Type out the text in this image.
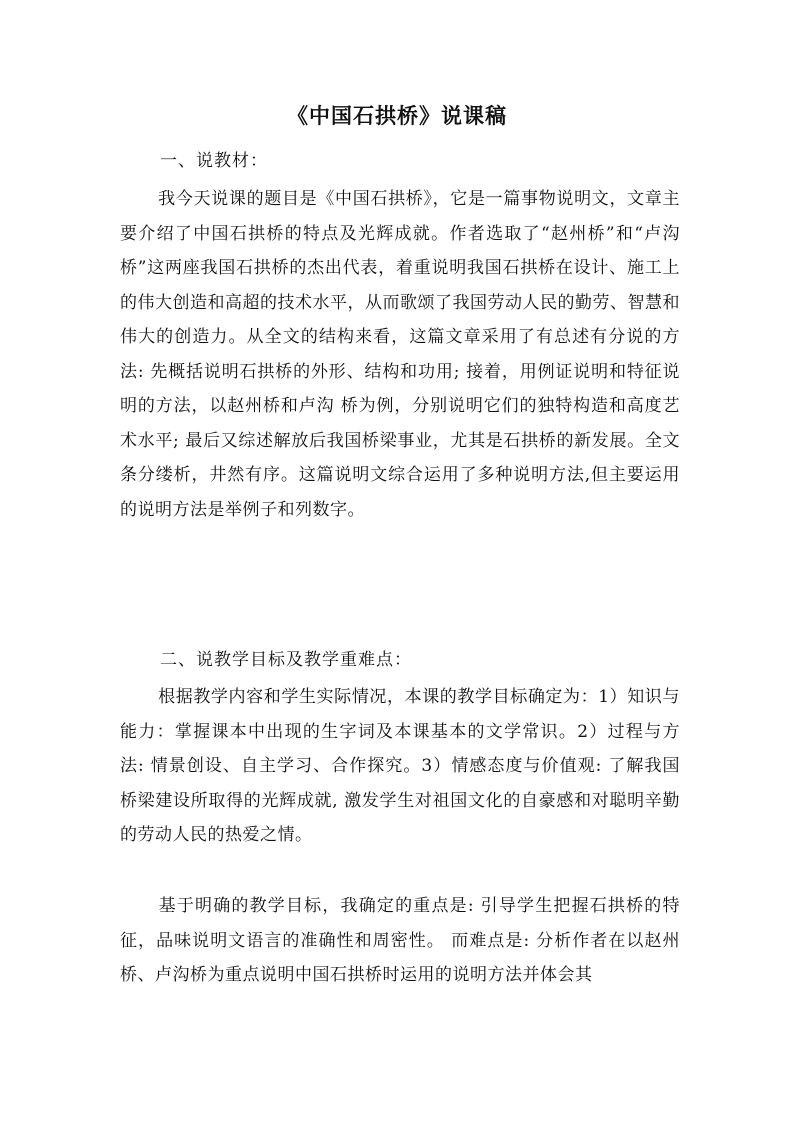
《中国石拱桥》说课稿
一、说教材：
我今天说课的题目是《中国石拱桥》，它是一篇事物说明文，文章主要介绍了中国石拱桥的特点及光辉成就。作者选取了“赵州桥”和“卢沟桥”这两座我国石拱桥的杰出代表，着重说明我国石拱桥在设计、施工上的伟大创造和高超的技术水平，从而歌颂了我国劳动人民的勤劳、智慧和伟大的创造力。从全文的结构来看，这篇文章采用了有总述有分说的方法: 先概括说明石拱桥的外形、结构和功用; 接着，用例证说明和特征说明的方法，以赵州桥和卢沟 桥为例，分别说明它们的独特构造和高度艺术水平; 最后又综述解放后我国桥梁事业，尤其是石拱桥的新发展。全文条分缕析，井然有序。这篇说明文综合运用了多种说明方法,但主要运用的说明方法是举例子和列数字。
二、说教学目标及教学重难点：
根据教学内容和学生实际情况，本课的教学目标确定为：1）知识与能力：掌握课本中出现的生字词及本课基本的文学常识。2）过程与方法: 情景创设、自主学习、合作探究。3）情感态度与价值观: 了解我国桥梁建设所取得的光辉成就, 激发学生对祖国文化的自豪感和对聪明辛勤的劳动人民的热爱之情。
基于明确的教学目标，我确定的重点是: 引导学生把握石拱桥的特征，品味说明文语言的准确性和周密性。 而难点是: 分析作者在以赵州桥、卢沟桥为重点说明中国石拱桥时运用的说明方法并体会其
